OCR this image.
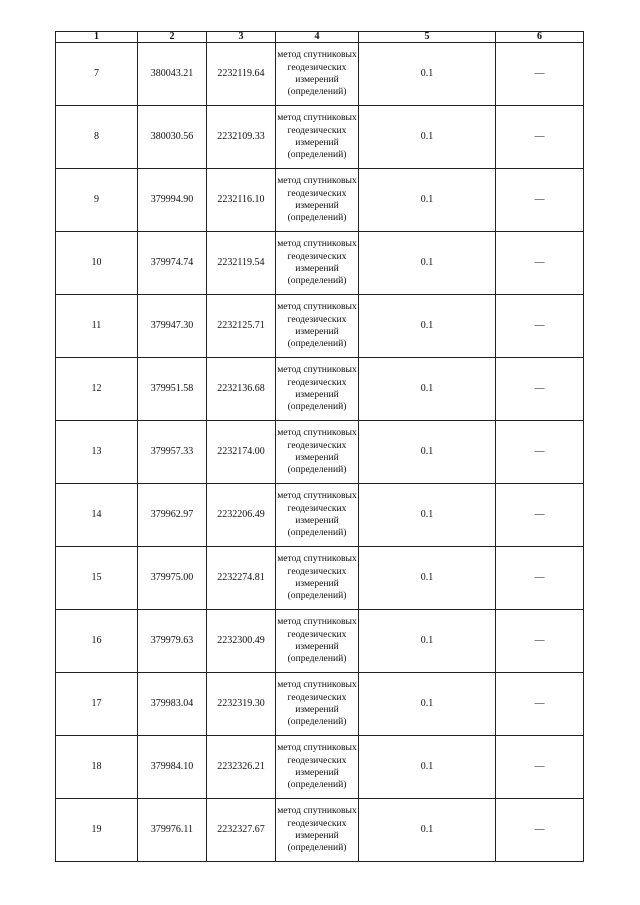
1	2	3	4	5	6
7	380043.21	2232119.64	метод спутниковых геодезических измерений (определений)	0.1	—
8	380030.56	2232109.33	метод спутниковых геодезических измерений (определений)	0.1	—
9	379994.90	2232116.10	метод спутниковых геодезических измерений (определений)	0.1	—
10	379974.74	2232119.54	метод спутниковых геодезических измерений (определений)	0.1	—
11	379947.30	2232125.71	метод спутниковых геодезических измерений (определений)	0.1	—
12	379951.58	2232136.68	метод спутниковых геодезических измерений (определений)	0.1	—
13	379957.33	2232174.00	метод спутниковых геодезических измерений (определений)	0.1	—
14	379962.97	2232206.49	метод спутниковых геодезических измерений (определений)	0.1	—
15	379975.00	2232274.81	метод спутниковых геодезических измерений (определений)	0.1	—
16	379979.63	2232300.49	метод спутниковых геодезических измерений (определений)	0.1	—
17	379983.04	2232319.30	метод спутниковых геодезических измерений (определений)	0.1	—
18	379984.10	2232326.21	метод спутниковых геодезических измерений (определений)	0.1	—
19	379976.11	2232327.67	метод спутниковых геодезических измерений (определений)	0.1	—
